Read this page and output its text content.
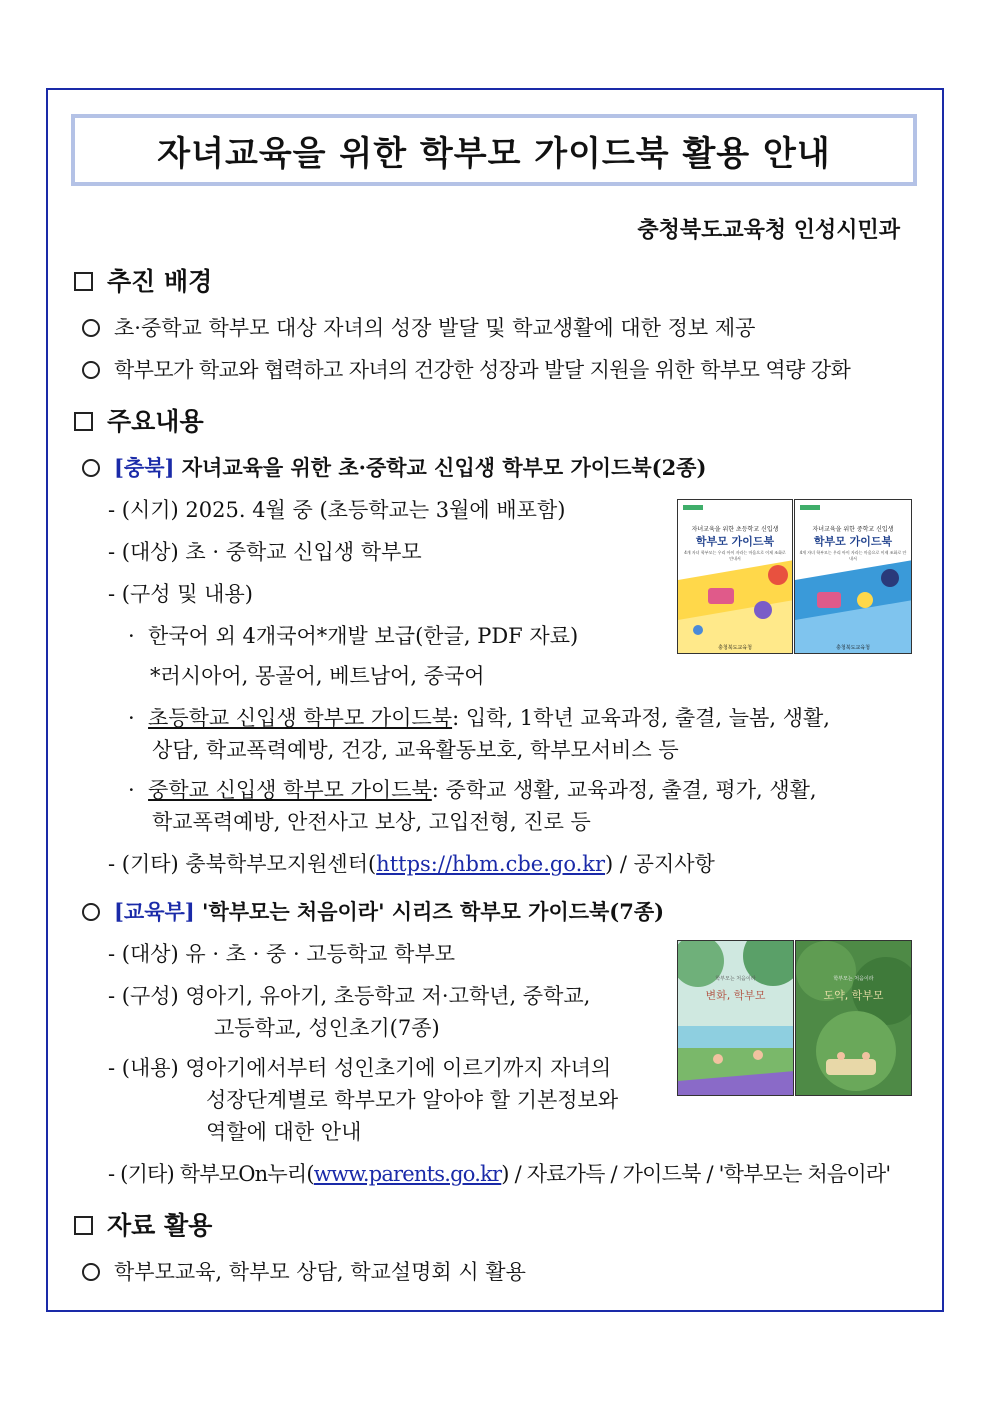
자녀교육을 위한 학부모 가이드북 활용 안내
충청북도교육청 인성시민과
추진 배경
초·중학교 학부모 대상 자녀의 성장 발달 및 학교생활에 대한 정보 제공
학부모가 학교와 협력하고 자녀의 건강한 성장과 발달 지원을 위한 학부모 역량 강화
주요내용
[충북] 자녀교육을 위한 초·중학교 신입생 학부모 가이드북(2종)
- (시기) 2025. 4월 중 (초등학교는 3월에 배포함)
- (대상) 초 · 중학교 신입생 학부모
- (구성 및 내용)
· 한국어 외 4개국어*개발 보급(한글, PDF 자료)
*러시아어, 몽골어, 베트남어, 중국어
· 초등학교 신입생 학부모 가이드북: 입학, 1학년 교육과정, 출결, 늘봄, 생활,
상담, 학교폭력예방, 건강, 교육활동보호, 학부모서비스 등
· 중학교 신입생 학부모 가이드북: 중학교 생활, 교육과정, 출결, 평가, 생활,
학교폭력예방, 안전사고 보상, 고입전형, 진로 등
- (기타) 충북학부모지원센터(https://hbm.cbe.go.kr) / 공지사항
자녀교육을 위한 초등학교 신입생
학부모 가이드북
4개 자녀 학부모는 우리 아이 자라는 마음으로 이제 조화로 안내서
충청북도교육청
자녀교육을 위한 중학교 신입생
학부모 가이드북
4개 자녀 학부모는 우리 아이 자라는 마음으로 이제 조화로 안내서
충청북도교육청
[교육부] '학부모는 처음이라' 시리즈 학부모 가이드북(7종)
- (대상) 유 · 초 · 중 · 고등학교 학부모
- (구성) 영아기, 유아기, 초등학교 저·고학년, 중학교,
고등학교, 성인초기(7종)
- (내용) 영아기에서부터 성인초기에 이르기까지 자녀의
성장단계별로 학부모가 알아야 할 기본정보와
역할에 대한 안내
- (기타) 학부모On누리(www.parents.go.kr) / 자료가득 / 가이드북 / '학부모는 처음이라'
학부모는 처음이라
변화, 학부모
학부모는 처음이라
도약, 학부모
자료 활용
학부모교육, 학부모 상담, 학교설명회 시 활용
